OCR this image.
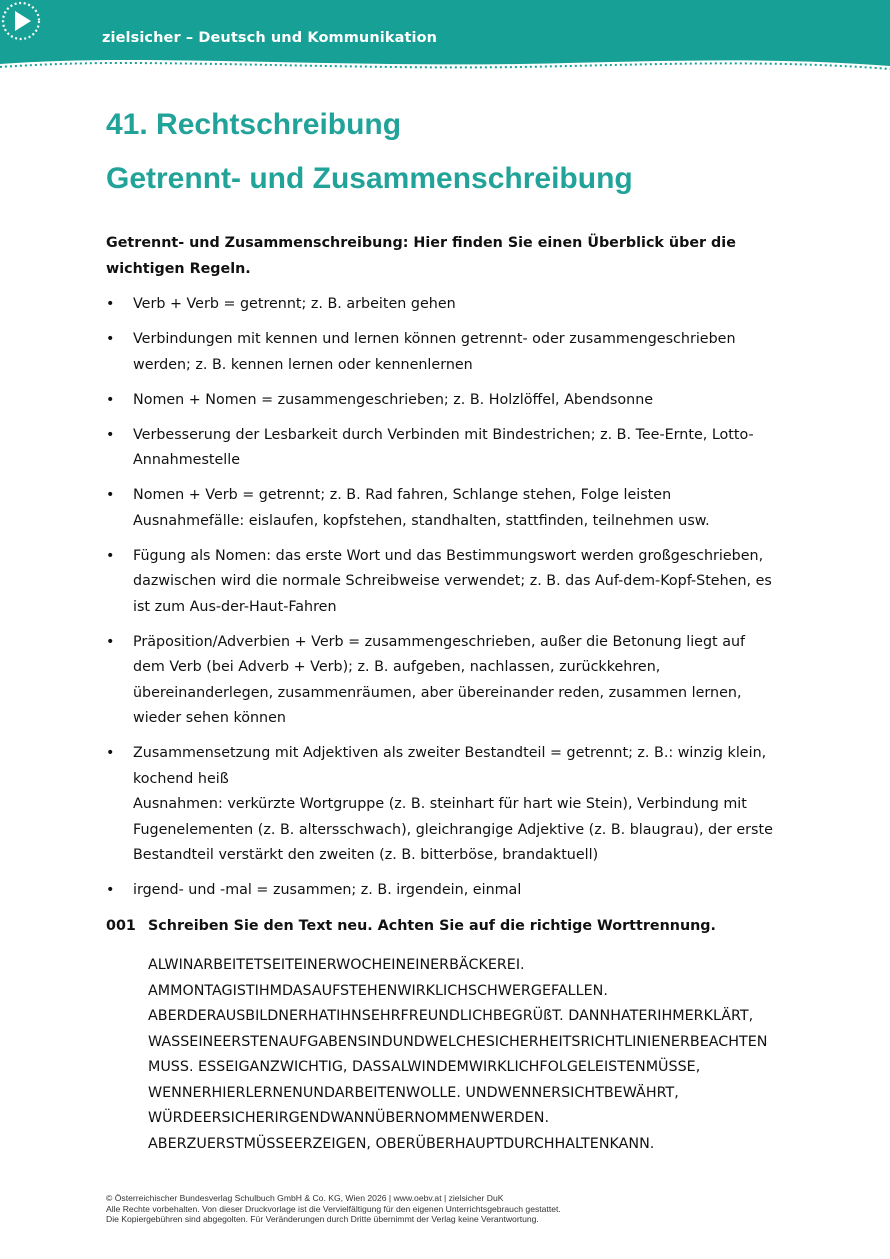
zielsicher – Deutsch und Kommunikation
41. Rechtschreibung
Getrennt- und Zusammenschreibung

Getrennt- und Zusammenschreibung: Hier finden Sie einen Überblick über die wichtigen Regeln.

• Verb + Verb = getrennt; z. B. arbeiten gehen
• Verbindungen mit kennen und lernen können getrennt- oder zusammengeschrieben
werden; z. B. kennen lernen oder kennenlernen
• Nomen + Nomen = zusammengeschrieben; z. B. Holzlöffel, Abendsonne
• Verbesserung der Lesbarkeit durch Verbinden mit Bindestrichen; z. B. Tee-Ernte, Lotto-
Annahmestelle
• Nomen + Verb = getrennt; z. B. Rad fahren, Schlange stehen, Folge leisten
Ausnahmefälle: eislaufen, kopfstehen, standhalten, stattfinden, teilnehmen usw.
• Fügung als Nomen: das erste Wort und das Bestimmungswort werden großgeschrieben,
dazwischen wird die normale Schreibweise verwendet; z. B. das Auf-dem-Kopf-Stehen, es
ist zum Aus-der-Haut-Fahren
• Präposition/Adverbien + Verb = zusammengeschrieben, außer die Betonung liegt auf
dem Verb (bei Adverb + Verb); z. B. aufgeben, nachlassen, zurückkehren,
übereinanderlegen, zusammenräumen, aber übereinander reden, zusammen lernen,
wieder sehen können
• Zusammensetzung mit Adjektiven als zweiter Bestandteil = getrennt; z. B.: winzig klein,
kochend heiß
Ausnahmen: verkürzte Wortgruppe (z. B. steinhart für hart wie Stein), Verbindung mit
Fugenelementen (z. B. altersschwach), gleichrangige Adjektive (z. B. blaugrau), der erste
Bestandteil verstärkt den zweiten (z. B. bitterböse, brandaktuell)
• irgend- und -mal = zusammen; z. B. irgendein, einmal
001 Schreiben Sie den Text neu. Achten Sie auf die richtige Worttrennung.
ALWINARBEITETSEITEINERWOCHEINEINERBÄCKEREI.
AMMONTAGISTIHMDASAUFSTEHENWIRKLICHSCHWERGEFALLEN.
ABERDERAUSBILDNERHATIHNSEHRFREUNDLICHBEGRÜßT. DANNHATERIHMERKLÄRT,
WASSEINEERSTENAUFGABENSINDUNDWELCHESICHERHEITSRICHTLINIENERBEACHTEN
MUSS. ESSEIGANZWICHTIG, DASSALWINDEMWIRKLICHFOLGELEISTENMÜSSE,
WENNERHIERLERNENUNDARBEITENWOLLE. UNDWENNERSICHTBEWÄHRT,
WÜRDEERSICHERIRGENDWANNÜBERNOMMENWERDEN.
ABERZUERSTMÜSSEERZEIGEN, OBERÜBERHAUPTDURCHHALTENKANN.
© Österreichischer Bundesverlag Schulbuch GmbH & Co. KG, Wien 2026 | www.oebv.at | zielsicher DuK
Alle Rechte vorbehalten. Von dieser Druckvorlage ist die Vervielfältigung für den eigenen Unterrichtsgebrauch gestattet.
Die Kopiergebühren sind abgegolten. Für Veränderungen durch Dritte übernimmt der Verlag keine Verantwortung.
